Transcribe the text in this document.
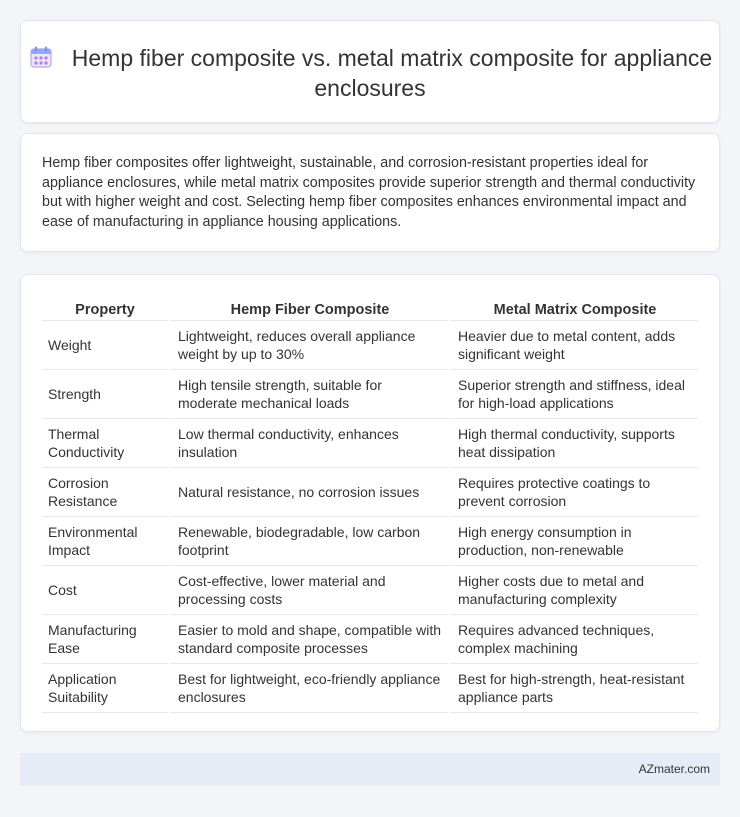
Hemp fiber composite vs. metal matrix composite for appliance enclosures

Hemp fiber composites offer lightweight, sustainable, and corrosion-resistant properties ideal for appliance enclosures, while metal matrix composites provide superior strength and thermal conductivity but with higher weight and cost. Selecting hemp fiber composites enhances environmental impact and ease of manufacturing in appliance housing applications.

Property	Hemp Fiber Composite	Metal Matrix Composite
Weight	Lightweight, reduces overall appliance weight by up to 30%	Heavier due to metal content, adds significant weight
Strength	High tensile strength, suitable for moderate mechanical loads	Superior strength and stiffness, ideal for high-load applications
Thermal Conductivity	Low thermal conductivity, enhances insulation	High thermal conductivity, supports heat dissipation
Corrosion Resistance	Natural resistance, no corrosion issues	Requires protective coatings to prevent corrosion
Environmental Impact	Renewable, biodegradable, low carbon footprint	High energy consumption in production, non-renewable
Cost	Cost-effective, lower material and processing costs	Higher costs due to metal and manufacturing complexity
Manufacturing Ease	Easier to mold and shape, compatible with standard composite processes	Requires advanced techniques, complex machining
Application Suitability	Best for lightweight, eco-friendly appliance enclosures	Best for high-strength, heat-resistant appliance parts
AZmater.com
